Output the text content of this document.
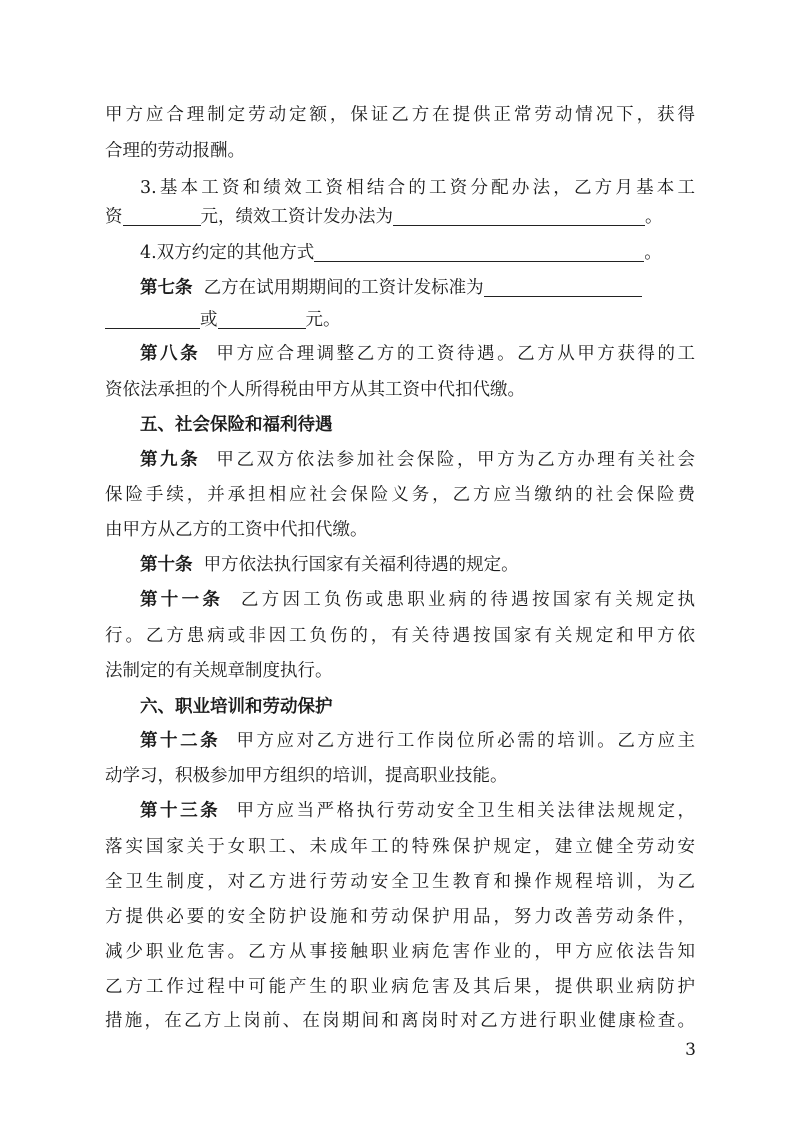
甲方应合理制定劳动定额，保证乙方在提供正常劳动情况下，获得
合理的劳动报酬。
3.基本工资和绩效工资相结合的工资分配办法，乙方月基本工
资	元，绩效工资计发办法为	。
4.双方约定的其他方式	。
第七条 乙方在试用期期间的工资计发标准为
或	元。
第八条 甲方应合理调整乙方的工资待遇。乙方从甲方获得的工
资依法承担的个人所得税由甲方从其工资中代扣代缴。
五、社会保险和福利待遇
第九条 甲乙双方依法参加社会保险，甲方为乙方办理有关社会
保险手续，并承担相应社会保险义务，乙方应当缴纳的社会保险费
由甲方从乙方的工资中代扣代缴。
第十条 甲方依法执行国家有关福利待遇的规定。
第十一条 乙方因工负伤或患职业病的待遇按国家有关规定执
行。乙方患病或非因工负伤的，有关待遇按国家有关规定和甲方依
法制定的有关规章制度执行。
六、职业培训和劳动保护
第十二条 甲方应对乙方进行工作岗位所必需的培训。乙方应主
动学习，积极参加甲方组织的培训，提高职业技能。
第十三条 甲方应当严格执行劳动安全卫生相关法律法规规定，
落实国家关于女职工、未成年工的特殊保护规定，建立健全劳动安
全卫生制度，对乙方进行劳动安全卫生教育和操作规程培训，为乙
方提供必要的安全防护设施和劳动保护用品，努力改善劳动条件，
减少职业危害。乙方从事接触职业病危害作业的，甲方应依法告知
乙方工作过程中可能产生的职业病危害及其后果，提供职业病防护
措施，在乙方上岗前、在岗期间和离岗时对乙方进行职业健康检查。
3
